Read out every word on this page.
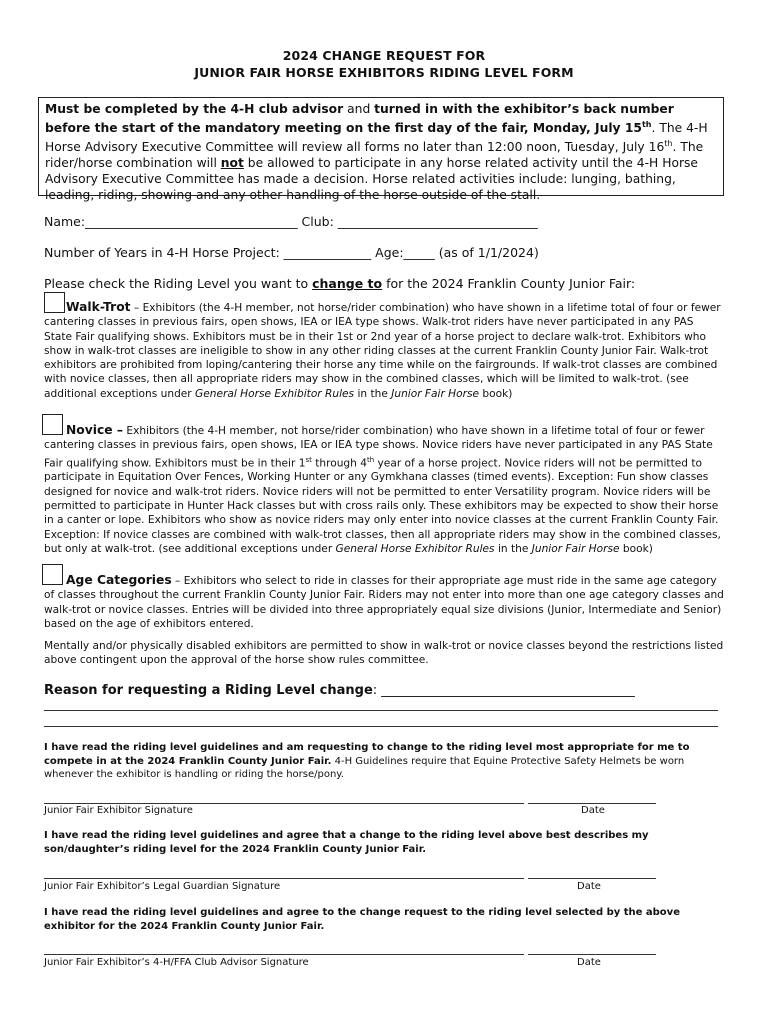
2024 CHANGE REQUEST FOR
JUNIOR FAIR HORSE EXHIBITORS RIDING LEVEL FORM
Must be completed by the 4-H club advisor and turned in with the exhibitor’s back number before the start of the mandatory meeting on the first day of the fair, Monday, July 15th. The 4-H Horse Advisory Executive Committee will review all forms no later than 12:00 noon, Tuesday, July 16th. The rider/horse combination will not be allowed to participate in any horse related activity until the 4-H Horse Advisory Executive Committee has made a decision. Horse related activities include: lunging, bathing, leading, riding, showing and any other handling of the horse outside of the stall.
Name:__________________________________ Club: ________________________________
Number of Years in 4-H Horse Project: ______________ Age:_____ (as of 1/1/2024)
Please check the Riding Level you want to change to for the 2024 Franklin County Junior Fair:
Walk-Trot – Exhibitors (the 4-H member, not horse/rider combination) who have shown in a lifetime total of four or fewer cantering classes in previous fairs, open shows, IEA or IEA type shows. Walk-trot riders have never participated in any PAS State Fair qualifying shows. Exhibitors must be in their 1st or 2nd year of a horse project to declare walk-trot. Exhibitors who show in walk-trot classes are ineligible to show in any other riding classes at the current Franklin County Junior Fair. Walk-trot exhibitors are prohibited from loping/cantering their horse any time while on the fairgrounds. If walk-trot classes are combined with novice classes, then all appropriate riders may show in the combined classes, which will be limited to walk-trot. (see additional exceptions under General Horse Exhibitor Rules in the Junior Fair Horse book)
Novice – Exhibitors (the 4-H member, not horse/rider combination) who have shown in a lifetime total of four or fewer cantering classes in previous fairs, open shows, IEA or IEA type shows. Novice riders have never participated in any PAS State Fair qualifying show. Exhibitors must be in their 1st through 4th year of a horse project. Novice riders will not be permitted to participate in Equitation Over Fences, Working Hunter or any Gymkhana classes (timed events). Exception: Fun show classes designed for novice and walk-trot riders. Novice riders will not be permitted to enter Versatility program. Novice riders will be permitted to participate in Hunter Hack classes but with cross rails only. These exhibitors may be expected to show their horse in a canter or lope. Exhibitors who show as novice riders may only enter into novice classes at the current Franklin County Fair. Exception: If novice classes are combined with walk-trot classes, then all appropriate riders may show in the combined classes, but only at walk-trot. (see additional exceptions under General Horse Exhibitor Rules in the Junior Fair Horse book)
Age Categories – Exhibitors who select to ride in classes for their appropriate age must ride in the same age category of classes throughout the current Franklin County Junior Fair. Riders may not enter into more than one age category classes and walk-trot or novice classes. Entries will be divided into three appropriately equal size divisions (Junior, Intermediate and Senior) based on the age of exhibitors entered.
Mentally and/or physically disabled exhibitors are permitted to show in walk-trot or novice classes beyond the restrictions listed above contingent upon the approval of the horse show rules committee.
Reason for requesting a Riding Level change: _______________________________________
I have read the riding level guidelines and am requesting to change to the riding level most appropriate for me to compete in at the 2024 Franklin County Junior Fair. 4-H Guidelines require that Equine Protective Safety Helmets be worn whenever the exhibitor is handling or riding the horse/pony.
Junior Fair Exhibitor Signature	Date
I have read the riding level guidelines and agree that a change to the riding level above best describes my son/daughter’s riding level for the 2024 Franklin County Junior Fair.
Junior Fair Exhibitor’s Legal Guardian Signature	Date
I have read the riding level guidelines and agree to the change request to the riding level selected by the above exhibitor for the 2024 Franklin County Junior Fair.
Junior Fair Exhibitor’s 4-H/FFA Club Advisor Signature	Date
